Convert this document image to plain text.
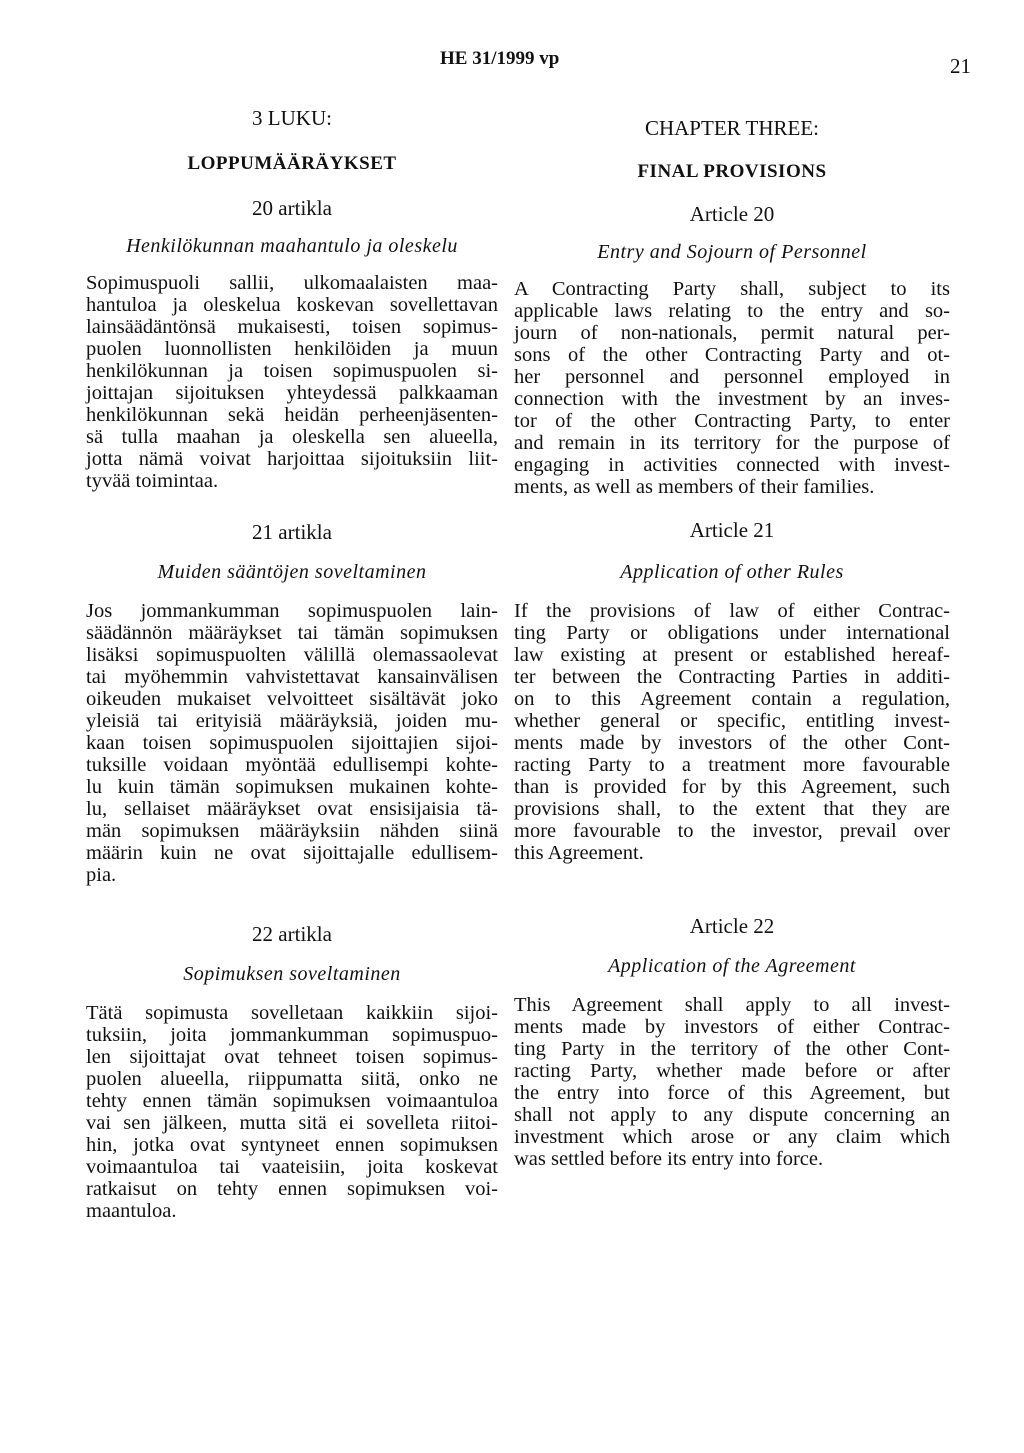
HE 31/1999 vp	21

3 LUKU:

LOPPUMÄÄRÄYKSET

20 artikla

Henkilökunnan maahantulo ja oleskelu

Sopimuspuoli sallii, ulkomaalaisten maa-
hantuloa ja oleskelua koskevan sovellettavan
lainsäädäntönsä mukaisesti, toisen sopimus-
puolen luonnollisten henkilöiden ja muun
henkilökunnan ja toisen sopimuspuolen si-
joittajan sijoituksen yhteydessä palkkaaman
henkilökunnan sekä heidän perheenjäsenten-
sä tulla maahan ja oleskella sen alueella,
jotta nämä voivat harjoittaa sijoituksiin liit-
tyvää toimintaa.

21 artikla

Muiden sääntöjen soveltaminen

Jos jommankumman sopimuspuolen lain-
säädännön määräykset tai tämän sopimuksen
lisäksi sopimuspuolten välillä olemassaolevat
tai myöhemmin vahvistettavat kansainvälisen
oikeuden mukaiset velvoitteet sisältävät joko
yleisiä tai erityisiä määräyksiä, joiden mu-
kaan toisen sopimuspuolen sijoittajien sijoi-
tuksille voidaan myöntää edullisempi kohte-
lu kuin tämän sopimuksen mukainen kohte-
lu, sellaiset määräykset ovat ensisijaisia tä-
män sopimuksen määräyksiin nähden siinä
määrin kuin ne ovat sijoittajalle edullisem-
pia.

22 artikla

Sopimuksen soveltaminen

Tätä sopimusta sovelletaan kaikkiin sijoi-
tuksiin, joita jommankumman sopimuspuo-
len sijoittajat ovat tehneet toisen sopimus-
puolen alueella, riippumatta siitä, onko ne
tehty ennen tämän sopimuksen voimaantuloa
vai sen jälkeen, mutta sitä ei sovelleta riitoi-
hin, jotka ovat syntyneet ennen sopimuksen
voimaantuloa tai vaateisiin, joita koskevat
ratkaisut on tehty ennen sopimuksen voi-
maantuloa.

CHAPTER THREE:

FINAL PROVISIONS

Article 20

Entry and Sojourn of Personnel

A Contracting Party shall, subject to its
applicable laws relating to the entry and so-
journ of non-nationals, permit natural per-
sons of the other Contracting Party and ot-
her personnel and personnel employed in
connection with the investment by an inves-
tor of the other Contracting Party, to enter
and remain in its territory for the purpose of
engaging in activities connected with invest-
ments, as well as members of their families.

Article 21

Application of other Rules

If the provisions of law of either Contrac-
ting Party or obligations under international
law existing at present or established hereaf-
ter between the Contracting Parties in additi-
on to this Agreement contain a regulation,
whether general or specific, entitling invest-
ments made by investors of the other Cont-
racting Party to a treatment more favourable
than is provided for by this Agreement, such
provisions shall, to the extent that they are
more favourable to the investor, prevail over
this Agreement.

Article 22

Application of the Agreement

This Agreement shall apply to all invest-
ments made by investors of either Contrac-
ting Party in the territory of the other Cont-
racting Party, whether made before or after
the entry into force of this Agreement, but
shall not apply to any dispute concerning an
investment which arose or any claim which
was settled before its entry into force.
